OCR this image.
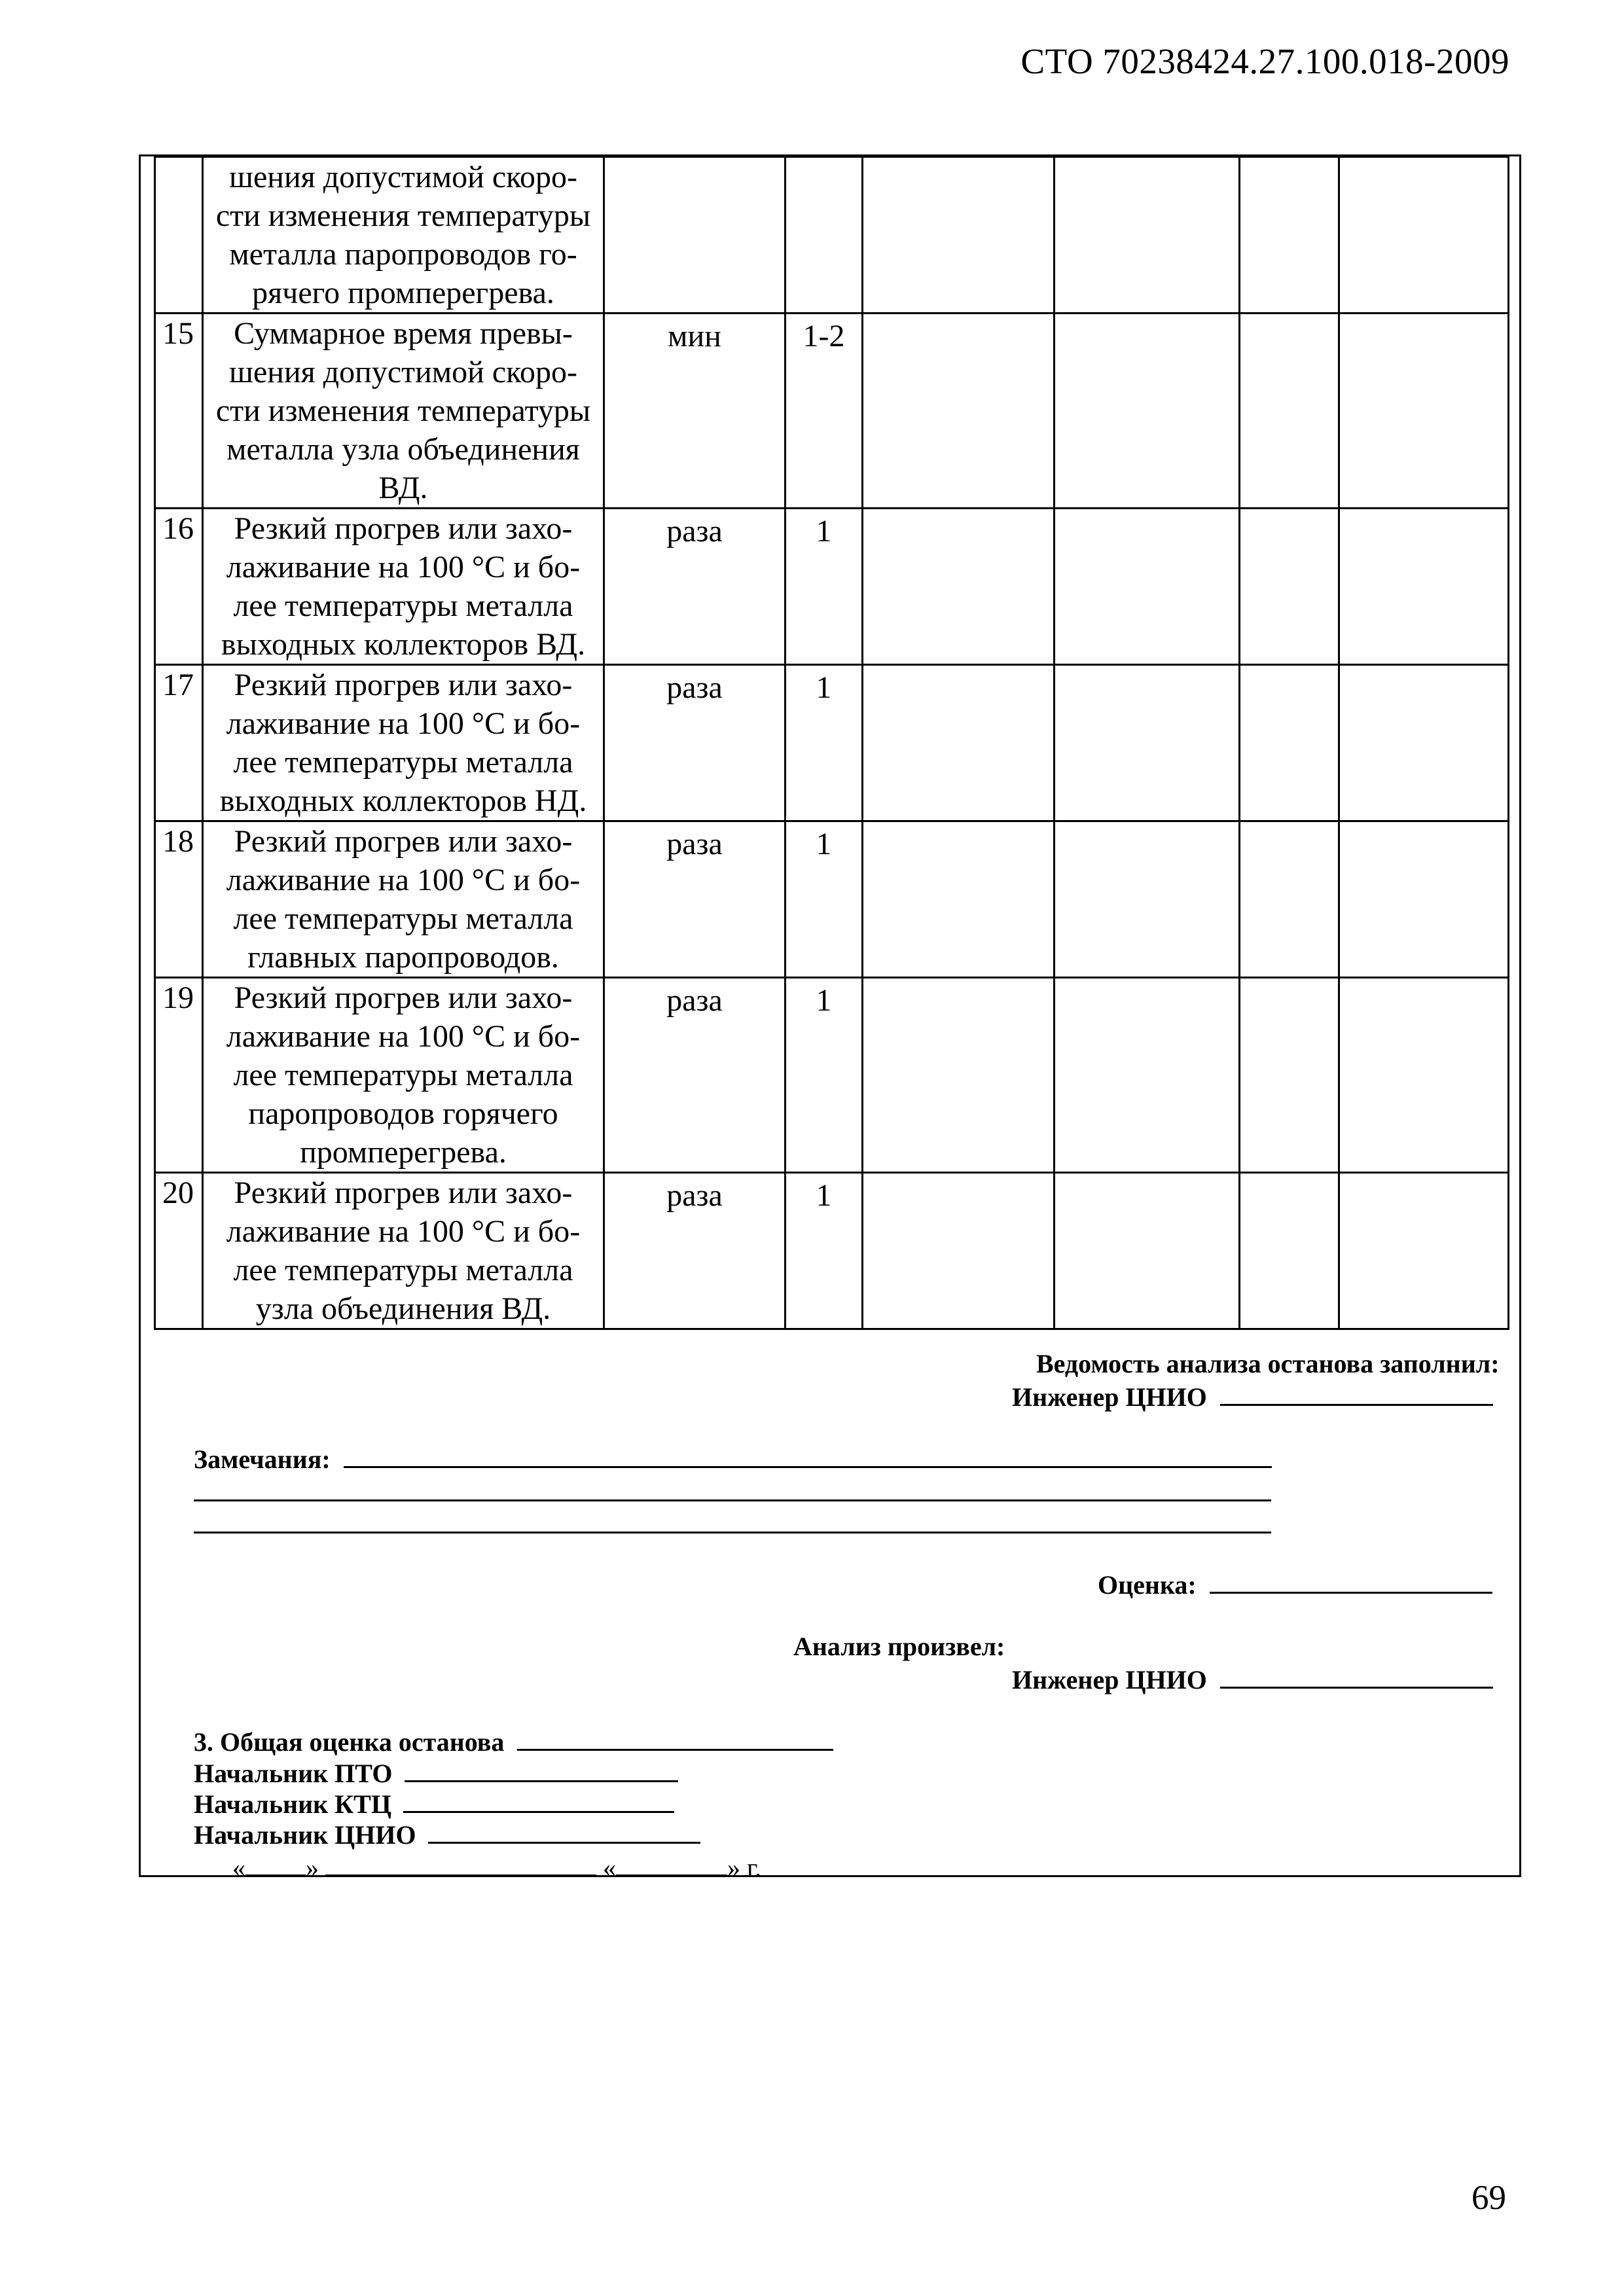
СТО 70238424.27.100.018-2009

	шения допустимой скоро-
сти изменения температуры
металла паропроводов го-
рячего промперегрева.						

15	Суммарное время превы-
шения допустимой скоро-
сти изменения температуры
металла узла объединения
ВД.	мин	1-2				
16	Резкий прогрев или захо-
лаживание на 100 °С и бо-
лее температуры металла
выходных коллекторов ВД.	раза	1				
17	Резкий прогрев или захо-
лаживание на 100 °С и бо-
лее температуры металла
выходных коллекторов НД.	раза	1				
18	Резкий прогрев или захо-
лаживание на 100 °С и бо-
лее температуры металла
главных паропроводов.	раза	1				
19	Резкий прогрев или захо-
лаживание на 100 °С и бо-
лее температуры металла
паропроводов горячего
промперегрева.	раза	1				
20	Резкий прогрев или захо-
лаживание на 100 °С и бо-
лее температуры металла
узла объединения ВД.	раза	1				
Ведомость анализа останова заполнил:
Инженер ЦНИО
Замечания:
Оценка:
Анализ произвел:
Инженер ЦНИО
3. Общая оценка останова
Начальник ПТО
Начальник КТЦ
Начальник ЦНИО
« »	«	» г.
69
